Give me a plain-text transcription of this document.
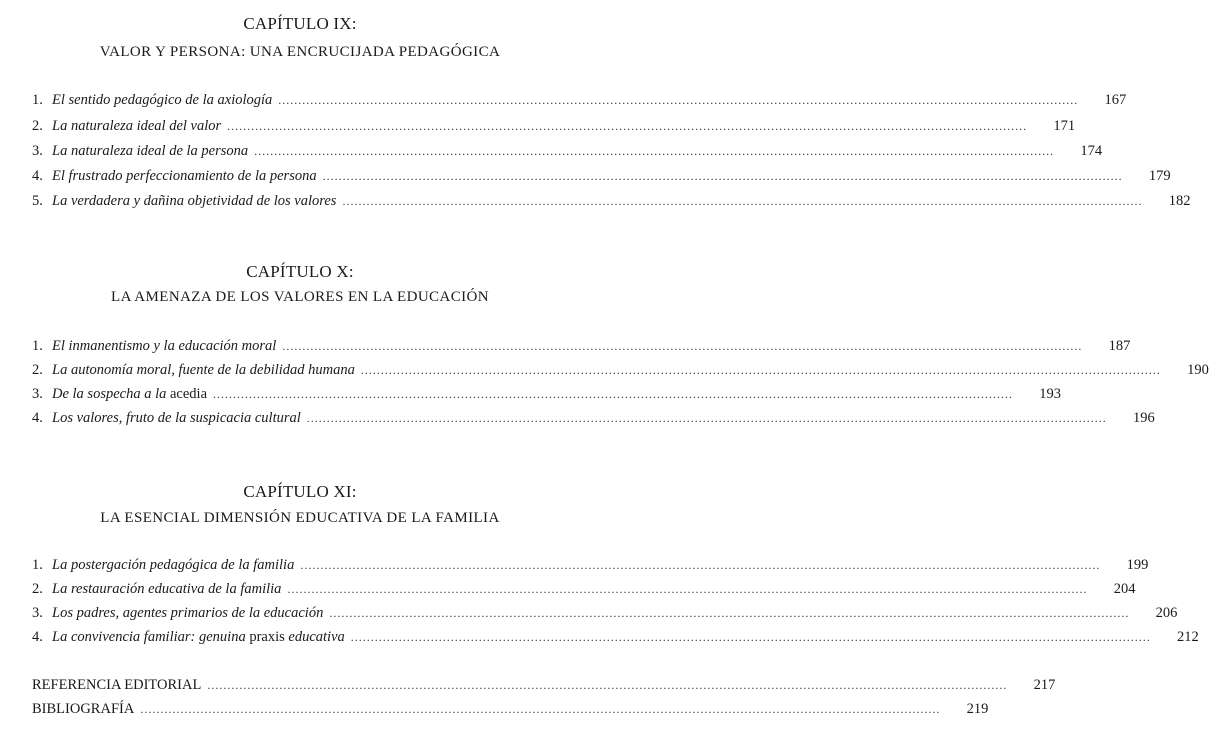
CAPÍTULO IX:
VALOR Y PERSONA: UNA ENCRUCIJADA PEDAGÓGICA
1. El sentido pedagógico de la axiología ........................................................................................................................................................................................................	167
2. La naturaleza ideal del valor ........................................................................................................................................................................................................	171
3. La naturaleza ideal de la persona ........................................................................................................................................................................................................	174
4. El frustrado perfeccionamiento de la persona ........................................................................................................................................................................................................	179
5. La verdadera y dañina objetividad de los valores ........................................................................................................................................................................................................	182
CAPÍTULO X:
LA AMENAZA DE LOS VALORES EN LA EDUCACIÓN
1. El inmanentismo y la educación moral ........................................................................................................................................................................................................	187
2. La autonomía moral, fuente de la debilidad humana ........................................................................................................................................................................................................	190
3. De la sospecha a la acedia ........................................................................................................................................................................................................	193
4. Los valores, fruto de la suspicacia cultural ........................................................................................................................................................................................................	196
CAPÍTULO XI:
LA ESENCIAL DIMENSIÓN EDUCATIVA DE LA FAMILIA
1. La postergación pedagógica de la familia ........................................................................................................................................................................................................	199
2. La restauración educativa de la familia ........................................................................................................................................................................................................	204
3. Los padres, agentes primarios de la educación ........................................................................................................................................................................................................	206
4. La convivencia familiar: genuina praxis educativa ........................................................................................................................................................................................................	212
REFERENCIA EDITORIAL ........................................................................................................................................................................................................	217
BIBLIOGRAFÍA ........................................................................................................................................................................................................	219
